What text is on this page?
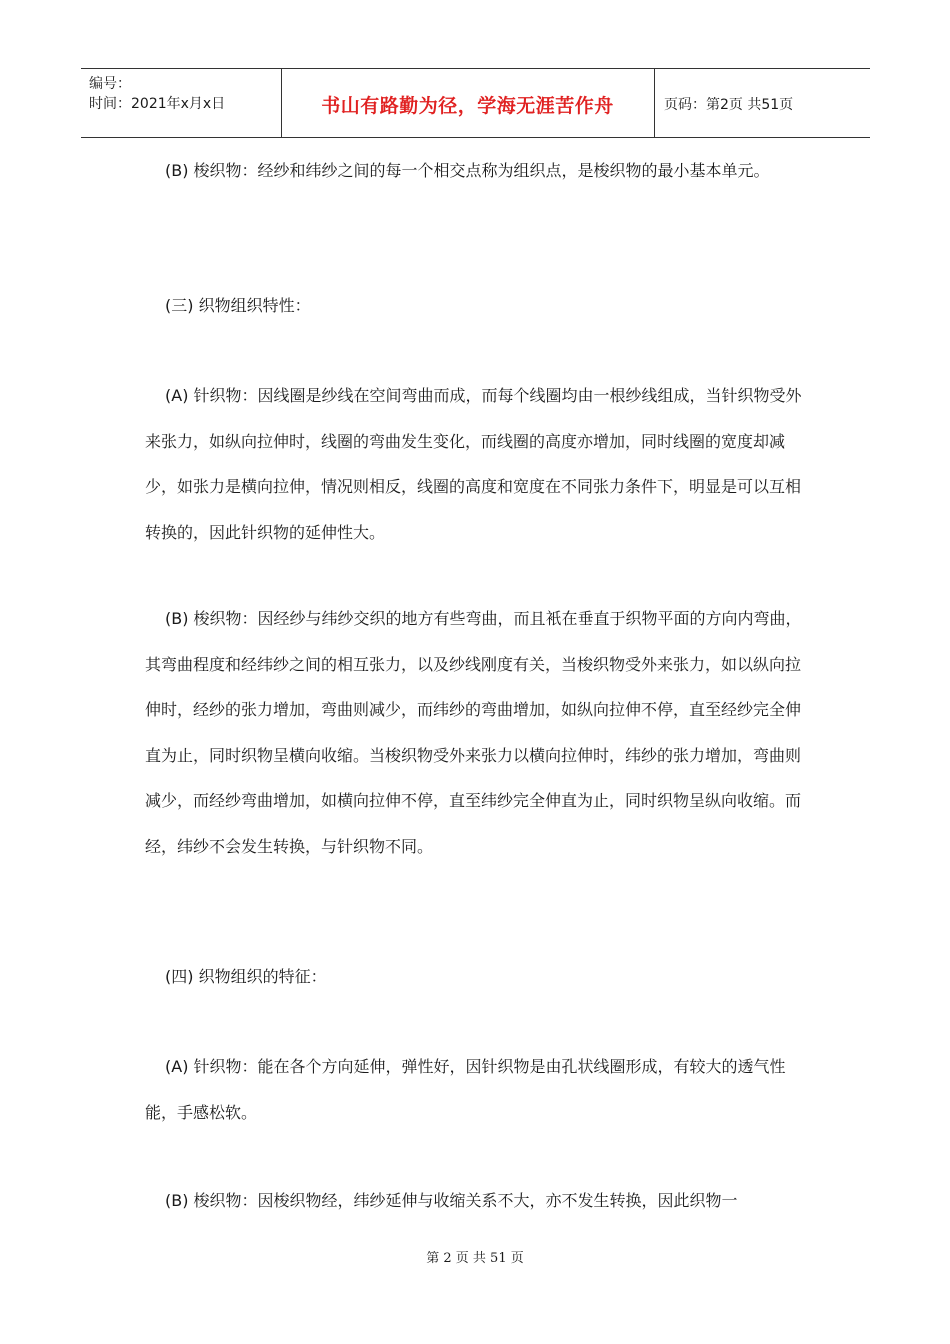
编号：
时间：2021年x月x日	书山有路勤为径，学海无涯苦作舟	页码：第2页 共51页

(B) 梭织物：经纱和纬纱之间的每一个相交点称为组织点，是梭织物的最小基本单元。

(三) 织物组织特性：

(A) 针织物：因线圈是纱线在空间弯曲而成，而每个线圈均由一根纱线组成，当针织物受外来张力，如纵向拉伸时，线圈的弯曲发生变化，而线圈的高度亦增加，同时线圈的宽度却减少，如张力是横向拉伸，情况则相反，线圈的高度和宽度在不同张力条件下，明显是可以互相转换的，因此针织物的延伸性大。

(B) 梭织物：因经纱与纬纱交织的地方有些弯曲，而且衹在垂直于织物平面的方向内弯曲，其弯曲程度和经纬纱之间的相互张力，以及纱线刚度有关，当梭织物受外来张力，如以纵向拉伸时，经纱的张力增加，弯曲则减少，而纬纱的弯曲增加，如纵向拉伸不停，直至经纱完全伸直为止，同时织物呈横向收缩。当梭织物受外来张力以横向拉伸时，纬纱的张力增加，弯曲则减少，而经纱弯曲增加，如横向拉伸不停，直至纬纱完全伸直为止，同时织物呈纵向收缩。而经，纬纱不会发生转换，与针织物不同。

(四) 织物组织的特征：

(A) 针织物：能在各个方向延伸，弹性好，因针织物是由孔状线圈形成，有较大的透气性能，手感松软。

(B) 梭织物：因梭织物经，纬纱延伸与收缩关系不大，亦不发生转换，因此织物一

第 2 页 共 51 页
